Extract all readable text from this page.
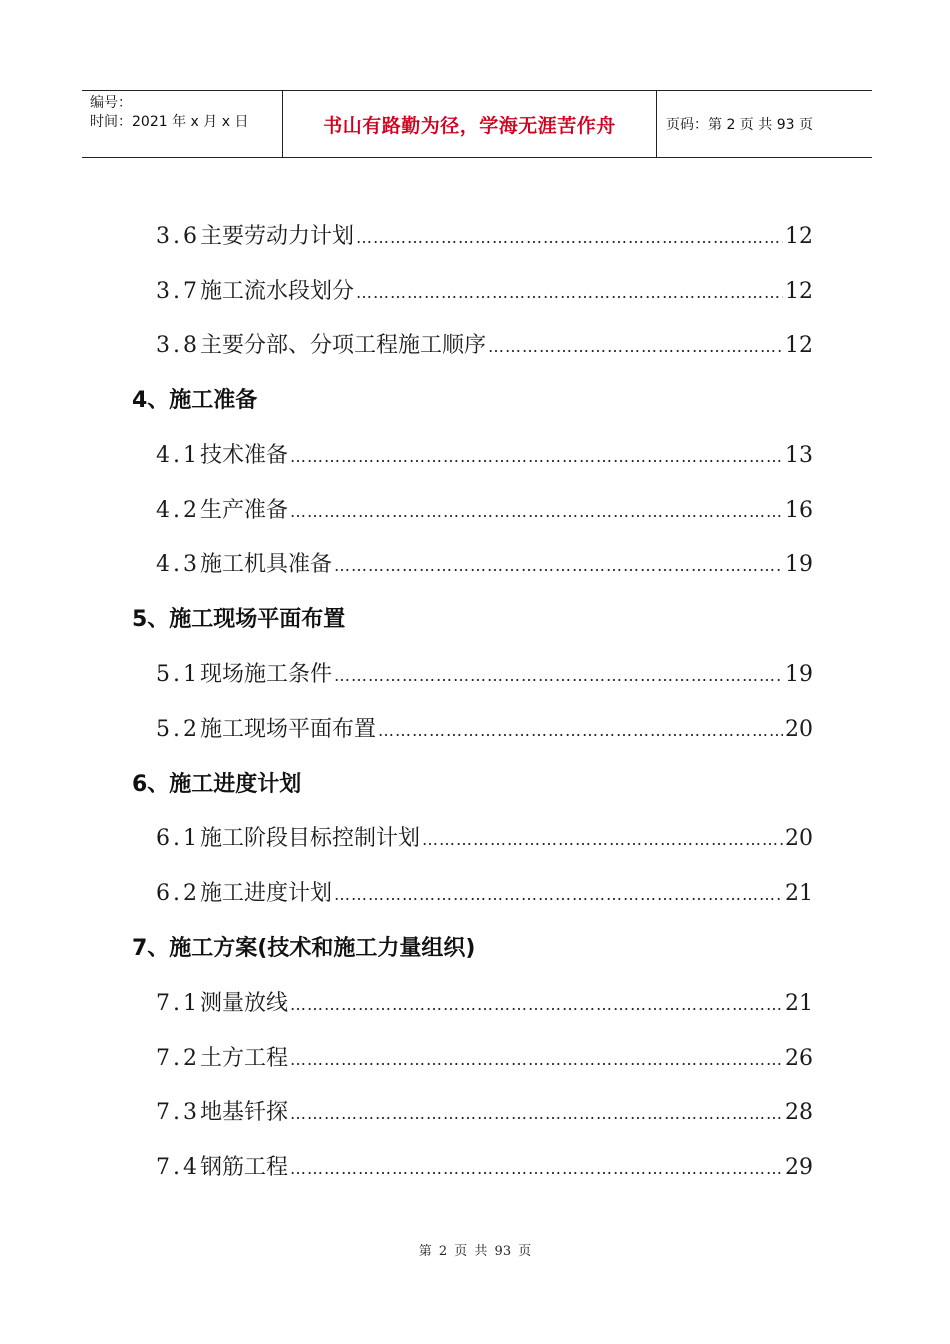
编号：
时间：2021 年 x 月 x 日	书山有路勤为径，学海无涯苦作舟	页码：第 2 页 共 93 页
3.6 主要劳动力计划 ……………………………………………………………………………………………………………………………………………………………	12
3.7 施工流水段划分 ……………………………………………………………………………………………………………………………………………………………	12
3.8 主要分部、分项工程施工顺序 ……………………………………………………………………………………………………………………………………………………………	12
4、施工准备
4.1 技术准备 ……………………………………………………………………………………………………………………………………………………………	13
4.2 生产准备 ……………………………………………………………………………………………………………………………………………………………	16
4.3 施工机具准备 ……………………………………………………………………………………………………………………………………………………………	19
5、施工现场平面布置
5.1 现场施工条件 ……………………………………………………………………………………………………………………………………………………………	19
5.2 施工现场平面布置 ……………………………………………………………………………………………………………………………………………………………	20
6、施工进度计划
6.1 施工阶段目标控制计划 ……………………………………………………………………………………………………………………………………………………………	20
6.2 施工进度计划 ……………………………………………………………………………………………………………………………………………………………	21
7、施工方案(技术和施工力量组织)
7.1 测量放线 ……………………………………………………………………………………………………………………………………………………………	21
7.2 土方工程 ……………………………………………………………………………………………………………………………………………………………	26
7.3 地基钎探 ……………………………………………………………………………………………………………………………………………………………	28
7.4 钢筋工程 ……………………………………………………………………………………………………………………………………………………………	29
第 2 页 共 93 页
